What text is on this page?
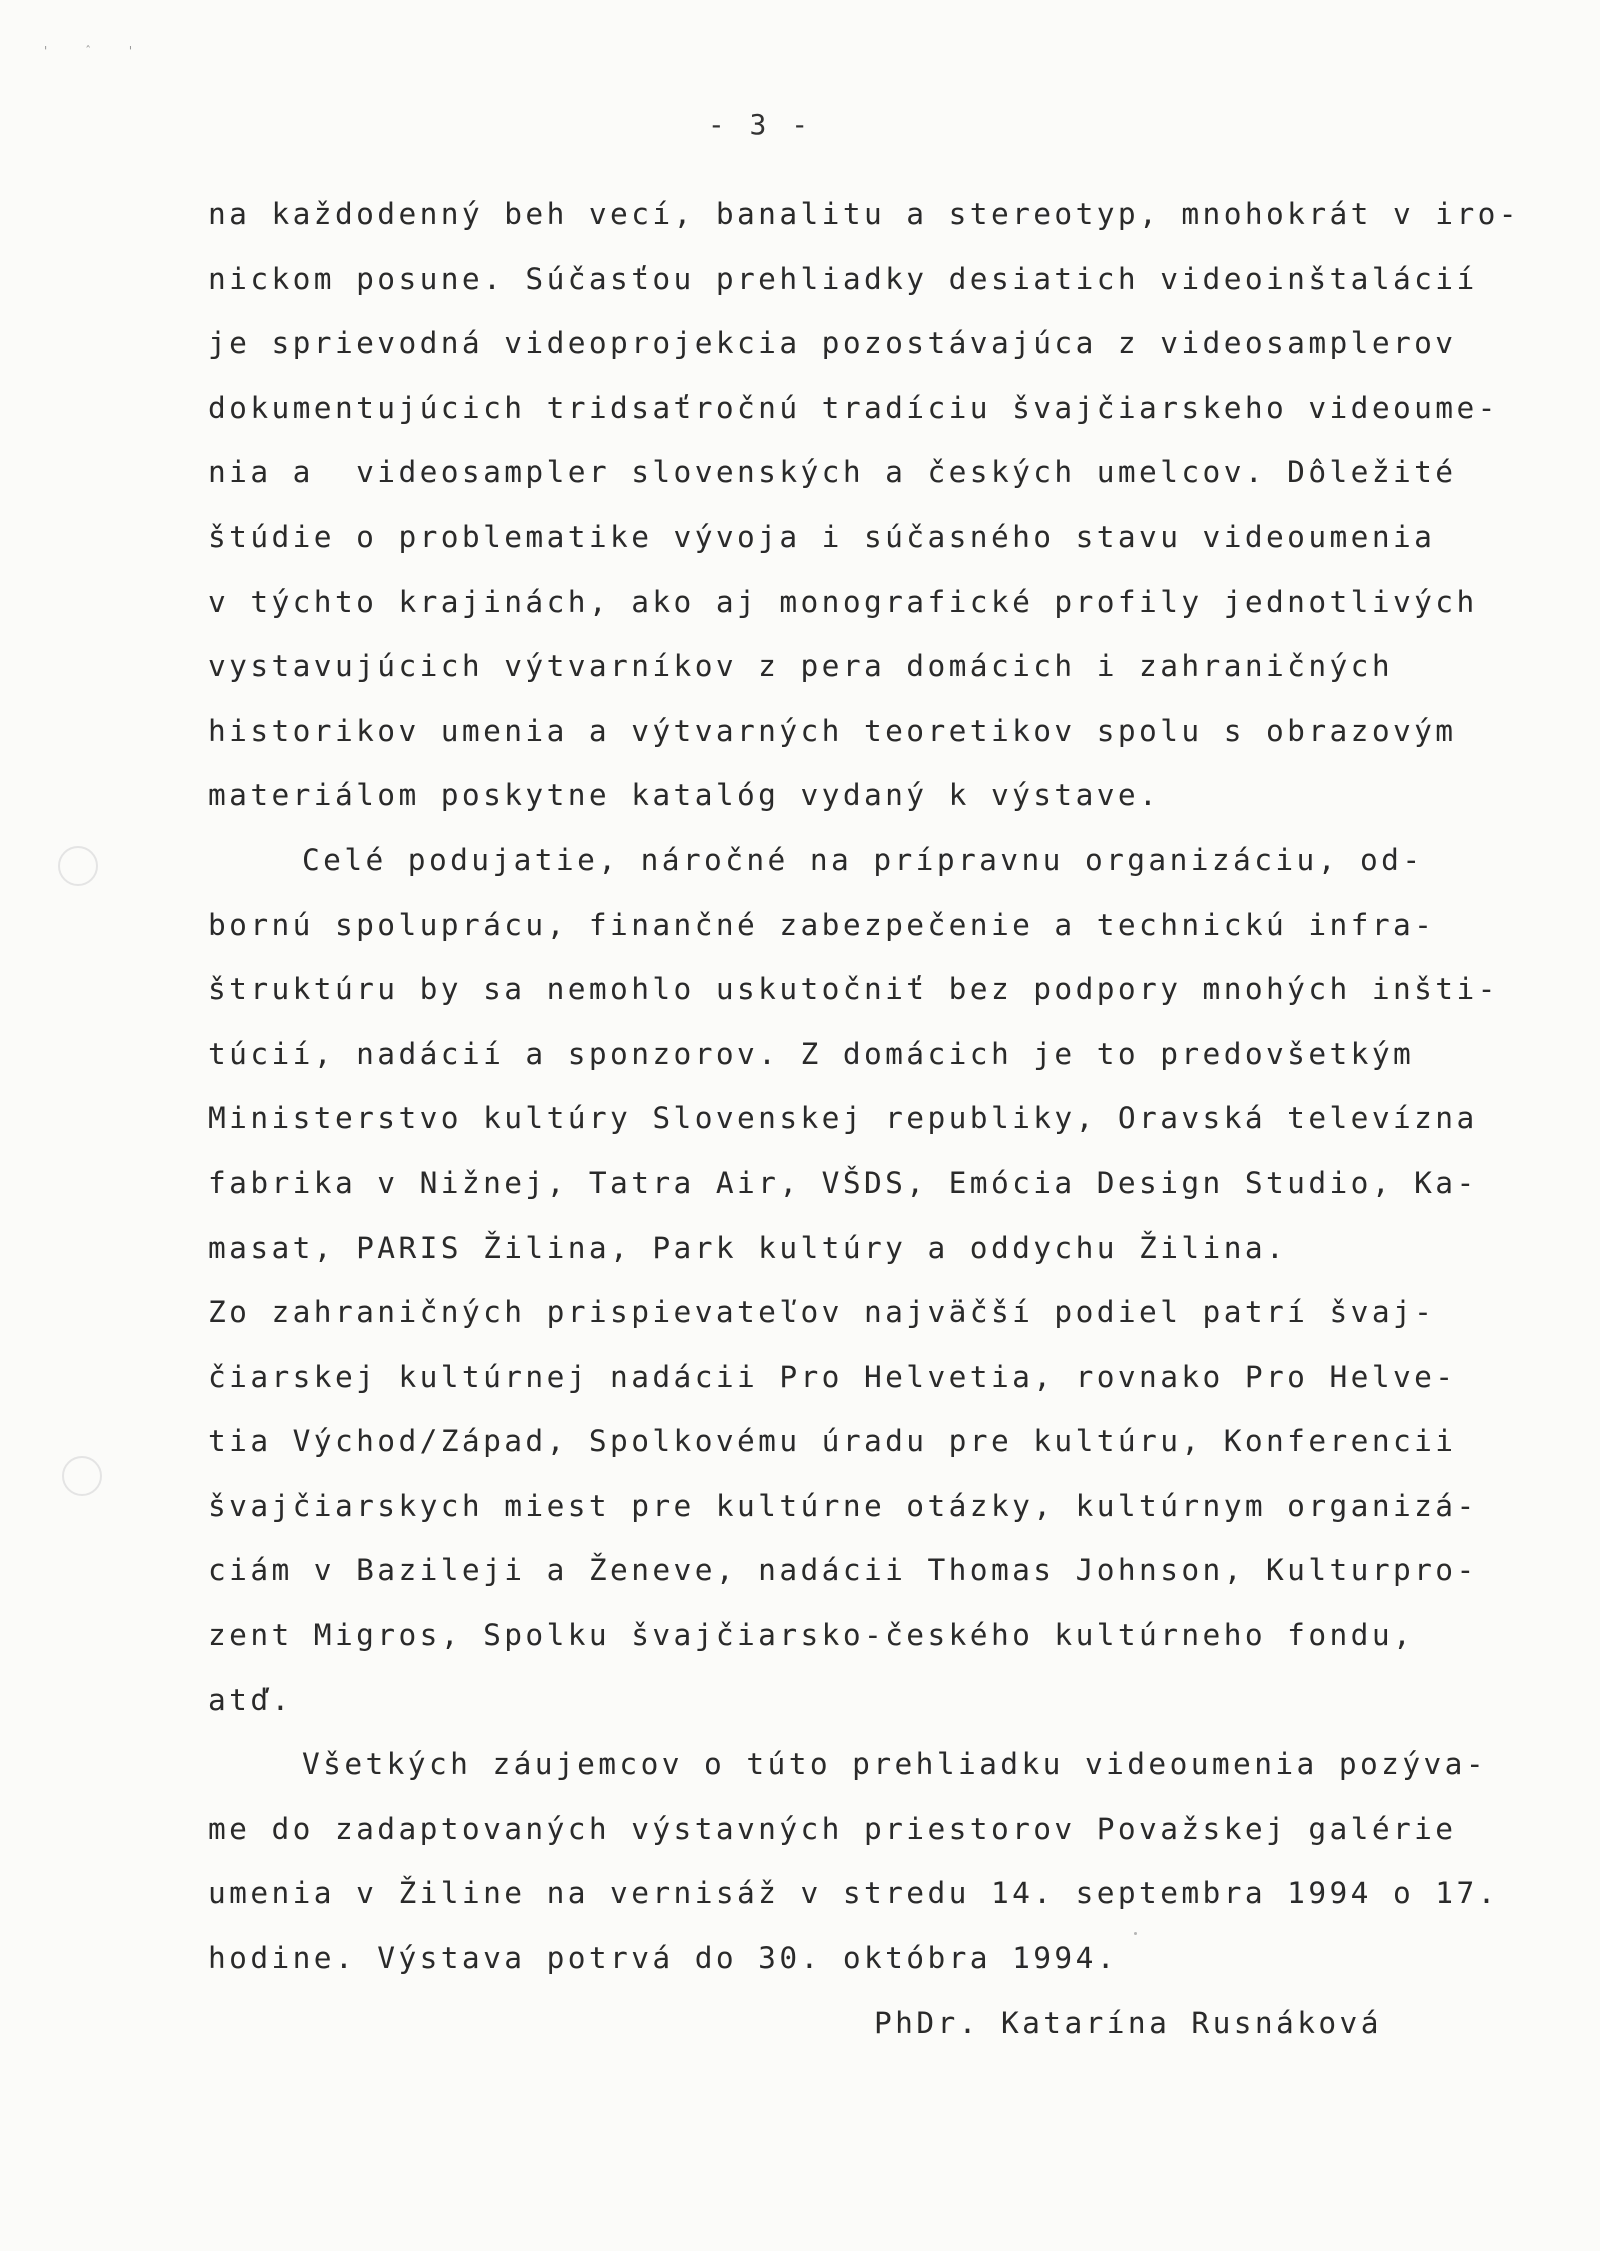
' ˆ '
- 3 -
na každodenný beh vecí, banalitu a stereotyp, mnohokrát v iro-
nickom posune. Súčasťou prehliadky desiatich videoinštalácií
je sprievodná videoprojekcia pozostávajúca z videosamplerov
dokumentujúcich tridsaťročnú tradíciu švajčiarskeho videoume-
nia a  videosampler slovenských a českých umelcov. Dôležité
štúdie o problematike vývoja i súčasného stavu videoumenia
v týchto krajinách, ako aj monografické profily jednotlivých
vystavujúcich výtvarníkov z pera domácich i zahraničných
historikov umenia a výtvarných teoretikov spolu s obrazovým
materiálom poskytne katalóg vydaný k výstave.
Celé podujatie, náročné na prípravnu organizáciu, od-
bornú spoluprácu, finančné zabezpečenie a technickú infra-
štruktúru by sa nemohlo uskutočniť bez podpory mnohých inšti-
túcií, nadácií a sponzorov. Z domácich je to predovšetkým
Ministerstvo kultúry Slovenskej republiky, Oravská televízna
fabrika v Nižnej, Tatra Air, VŠDS, Emócia Design Studio, Ka-
masat, PARIS Žilina, Park kultúry a oddychu Žilina.
Zo zahraničných prispievateľov najväčší podiel patrí švaj-
čiarskej kultúrnej nadácii Pro Helvetia, rovnako Pro Helve-
tia Východ/Západ, Spolkovému úradu pre kultúru, Konferencii
švajčiarskych miest pre kultúrne otázky, kultúrnym organizá-
ciám v Bazileji a Ženeve, nadácii Thomas Johnson, Kulturpro-
zent Migros, Spolku švajčiarsko-českého kultúrneho fondu,
atď.
Všetkých záujemcov o túto prehliadku videoumenia pozýva-
me do zadaptovaných výstavných priestorov Považskej galérie
umenia v Žiline na vernisáž v stredu 14. septembra 1994 o 17.
hodine. Výstava potrvá do 30. októbra 1994.
PhDr. Katarína Rusnáková
